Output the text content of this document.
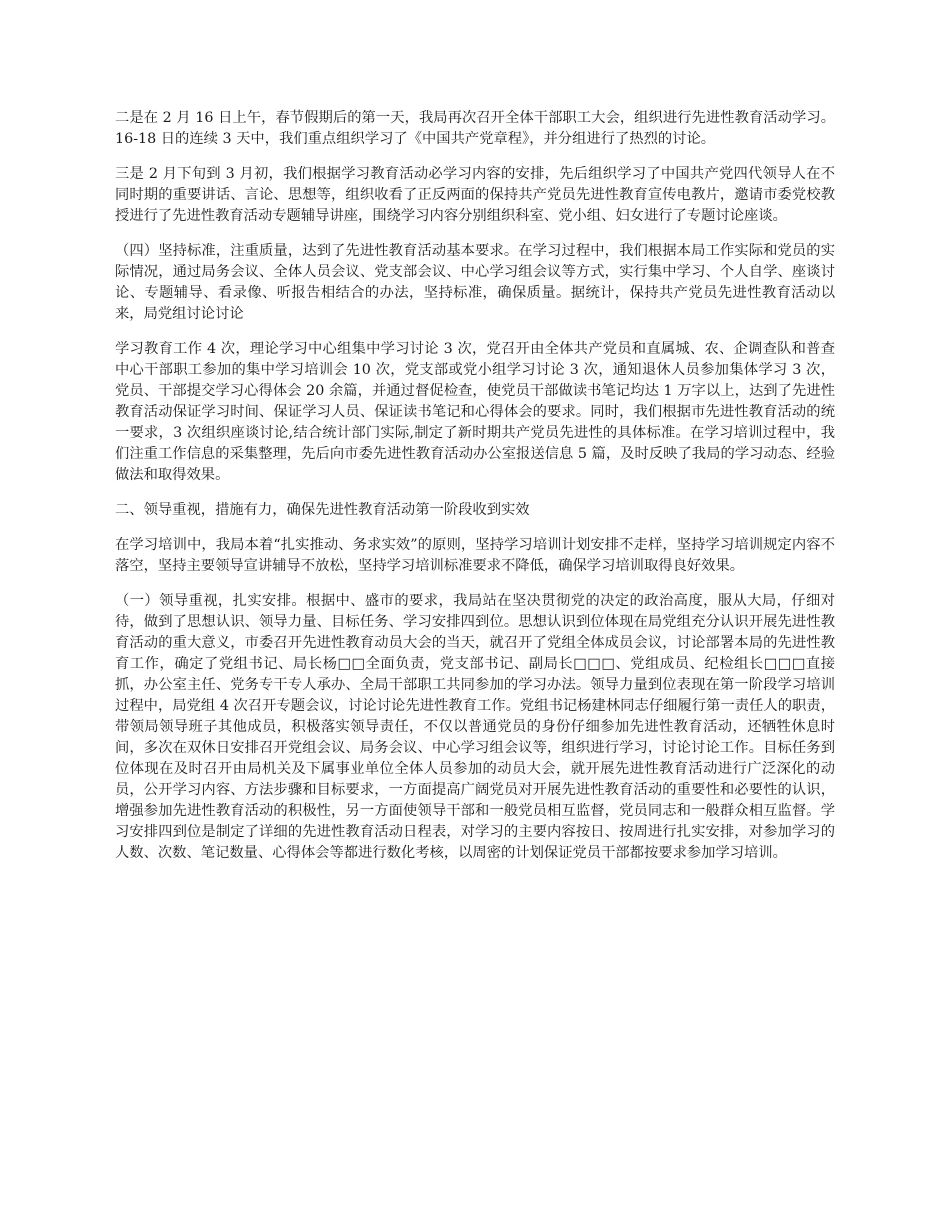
二是在 2 月 16 日上午，春节假期后的第一天，我局再次召开全体干部职工大会，组织进行先进性教育活动学习。16-18 日的连续 3 天中，我们重点组织学习了《中国共产党章程》，并分组进行了热烈的讨论。

三是 2 月下旬到 3 月初，我们根据学习教育活动必学习内容的安排，先后组织学习了中国共产党四代领导人在不同时期的重要讲话、言论、思想等，组织收看了正反两面的保持共产党员先进性教育宣传电教片，邀请市委党校教授进行了先进性教育活动专题辅导讲座，围绕学习内容分别组织科室、党小组、妇女进行了专题讨论座谈。

（四）坚持标准，注重质量，达到了先进性教育活动基本要求。在学习过程中，我们根据本局工作实际和党员的实际情况，通过局务会议、全体人员会议、党支部会议、中心学习组会议等方式，实行集中学习、个人自学、座谈讨论、专题辅导、看录像、听报告相结合的办法，坚持标准，确保质量。据统计，保持共产党员先进性教育活动以来，局党组讨论讨论

学习教育工作 4 次，理论学习中心组集中学习讨论 3 次，党召开由全体共产党员和直属城、农、企调查队和普查中心干部职工参加的集中学习培训会 10 次，党支部或党小组学习讨论 3 次，通知退休人员参加集体学习 3 次，党员、干部提交学习心得体会 20 余篇，并通过督促检查，使党员干部做读书笔记均达 1 万字以上，达到了先进性教育活动保证学习时间、保证学习人员、保证读书笔记和心得体会的要求。同时，我们根据市先进性教育活动的统一要求，3 次组织座谈讨论,结合统计部门实际,制定了新时期共产党员先进性的具体标准。在学习培训过程中，我们注重工作信息的采集整理，先后向市委先进性教育活动办公室报送信息 5 篇，及时反映了我局的学习动态、经验做法和取得效果。

二、领导重视，措施有力，确保先进性教育活动第一阶段收到实效

在学习培训中，我局本着“扎实推动、务求实效”的原则，坚持学习培训计划安排不走样，坚持学习培训规定内容不落空，坚持主要领导宣讲辅导不放松，坚持学习培训标准要求不降低，确保学习培训取得良好效果。

（一）领导重视，扎实安排。根据中、盛市的要求，我局站在坚决贯彻党的决定的政治高度，服从大局，仔细对待，做到了思想认识、领导力量、目标任务、学习安排四到位。思想认识到位体现在局党组充分认识开展先进性教育活动的重大意义，市委召开先进性教育动员大会的当天，就召开了党组全体成员会议，讨论部署本局的先进性教育工作，确定了党组书记、局长杨□□全面负责，党支部书记、副局长□□□、党组成员、纪检组长□□□直接抓，办公室主任、党务专干专人承办、全局干部职工共同参加的学习办法。领导力量到位表现在第一阶段学习培训过程中，局党组 4 次召开专题会议，讨论讨论先进性教育工作。党组书记杨建林同志仔细履行第一责任人的职责，带领局领导班子其他成员，积极落实领导责任，不仅以普通党员的身份仔细参加先进性教育活动，还牺牲休息时间，多次在双休日安排召开党组会议、局务会议、中心学习组会议等，组织进行学习，讨论讨论工作。目标任务到位体现在及时召开由局机关及下属事业单位全体人员参加的动员大会，就开展先进性教育活动进行广泛深化的动员，公开学习内容、方法步骤和目标要求，一方面提高广阔党员对开展先进性教育活动的重要性和必要性的认识，增强参加先进性教育活动的积极性，另一方面使领导干部和一般党员相互监督，党员同志和一般群众相互监督。学习安排四到位是制定了详细的先进性教育活动日程表，对学习的主要内容按日、按周进行扎实安排，对参加学习的人数、次数、笔记数量、心得体会等都进行数化考核，以周密的计划保证党员干部都按要求参加学习培训。
